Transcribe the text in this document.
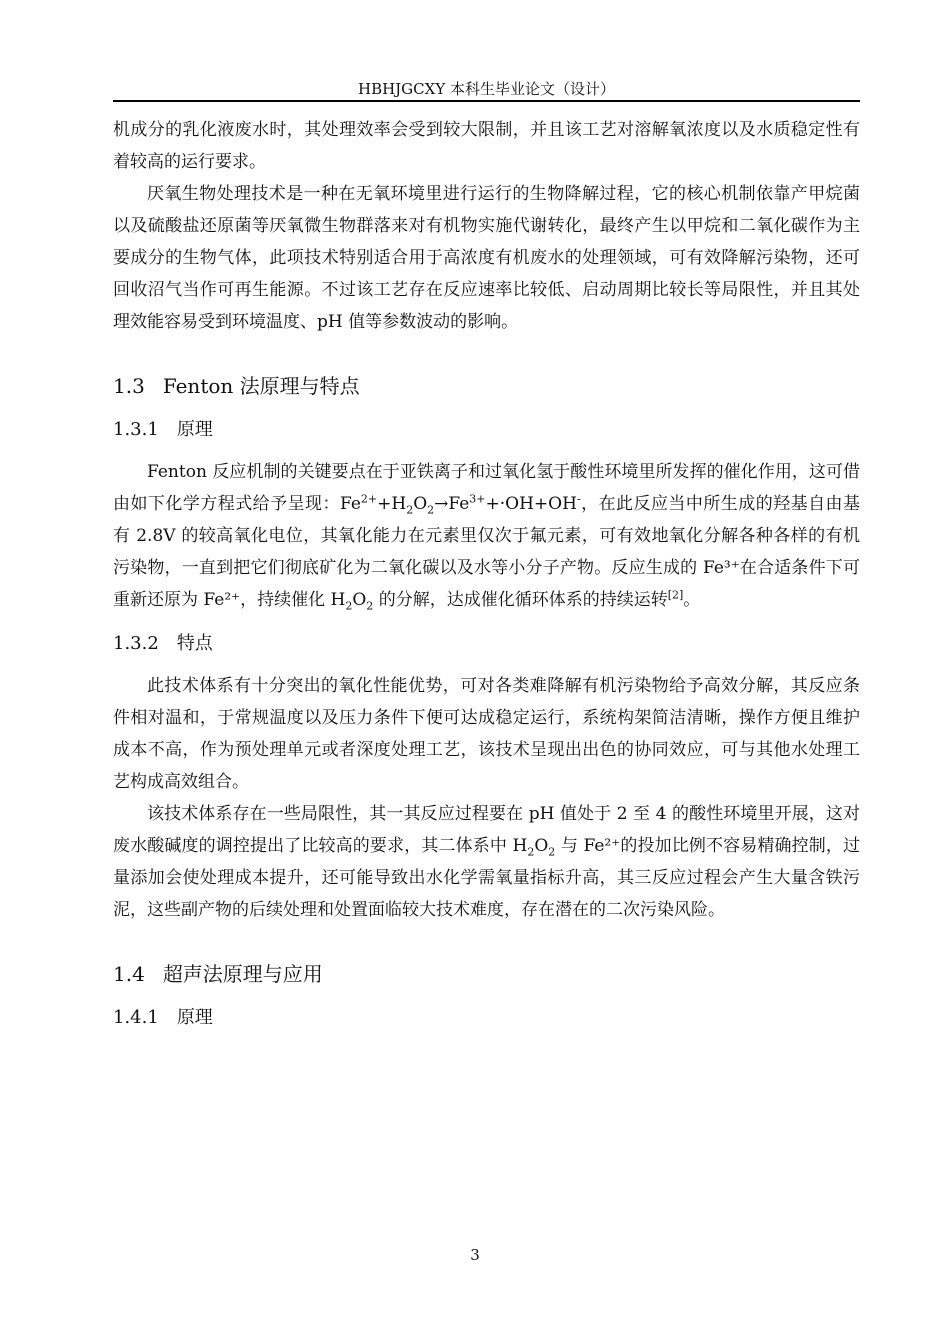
HBHJGCXY 本科生毕业论文（设计）

机成分的乳化液废水时，其处理效率会受到较大限制，并且该工艺对溶解氧浓度以及水质稳定性有着较高的运行要求。

厌氧生物处理技术是一种在无氧环境里进行运行的生物降解过程，它的核心机制依靠产甲烷菌以及硫酸盐还原菌等厌氧微生物群落来对有机物实施代谢转化，最终产生以甲烷和二氧化碳作为主要成分的生物气体，此项技术特别适合用于高浓度有机废水的处理领域，可有效降解污染物，还可回收沼气当作可再生能源。不过该工艺存在反应速率比较低、启动周期比较长等局限性，并且其处理效能容易受到环境温度、pH 值等参数波动的影响。

1.3 Fenton 法原理与特点
1.3.1 原理

Fenton 反应机制的关键要点在于亚铁离子和过氧化氢于酸性环境里所发挥的催化作用，这可借由如下化学方程式给予呈现：$Fe^{2+}+H_2O_2\to Fe^{3+}+\cdot OH+OH^-$，在此反应当中所生成的羟基自由基有 2.8V 的较高氧化电位，其氧化能力在元素里仅次于氟元素，可有效地氧化分解各种各样的有机污染物，一直到把它们彻底矿化为二氧化碳以及水等小分子产物。反应生成的 Fe³⁺在合适条件下可重新还原为 Fe²⁺，持续催化 $H_2O_2$ 的分解，达成催化循环体系的持续运转[2]。

1.3.2 特点

此技术体系有十分突出的氧化性能优势，可对各类难降解有机污染物给予高效分解，其反应条件相对温和，于常规温度以及压力条件下便可达成稳定运行，系统构架简洁清晰，操作方便且维护成本不高，作为预处理单元或者深度处理工艺，该技术呈现出出色的协同效应，可与其他水处理工艺构成高效组合。

该技术体系存在一些局限性，其一其反应过程要在 pH 值处于 2 至 4 的酸性环境里开展，这对废水酸碱度的调控提出了比较高的要求，其二体系中 $H_2O_2$ 与 Fe²⁺的投加比例不容易精确控制，过量添加会使处理成本提升，还可能导致出水化学需氧量指标升高，其三反应过程会产生大量含铁污泥，这些副产物的后续处理和处置面临较大技术难度，存在潜在的二次污染风险。

1.4 超声法原理与应用
1.4.1 原理
3
